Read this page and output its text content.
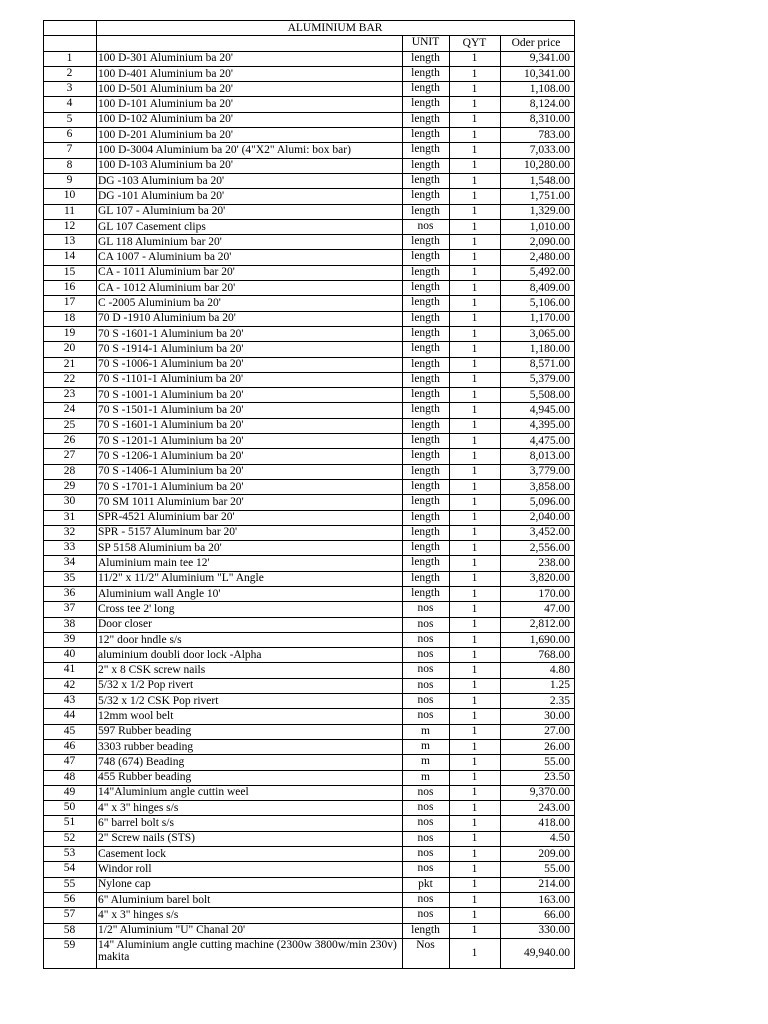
	ALUMINIUM BAR			
		UNIT	QYT	Oder price
1	100 D-301 Aluminium ba 20'	length	1	9,341.00
2	100 D-401 Aluminium ba 20'	length	1	10,341.00
3	100 D-501 Aluminium ba 20'	length	1	1,108.00
4	100 D-101 Aluminium ba 20'	length	1	8,124.00
5	100 D-102 Aluminium ba 20'	length	1	8,310.00
6	100 D-201 Aluminium ba 20'	length	1	783.00
7	100 D-3004 Aluminium ba 20' (4"X2" Alumi: box bar)	length	1	7,033.00
8	100 D-103 Aluminium ba 20'	length	1	10,280.00
9	DG -103 Aluminium ba 20'	length	1	1,548.00
10	DG -101 Aluminium ba 20'	length	1	1,751.00
11	GL 107 - Aluminium ba 20'	length	1	1,329.00
12	GL 107 Casement clips	nos	1	1,010.00
13	GL 118 Aluminium bar 20'	length	1	2,090.00
14	CA 1007 - Aluminium ba 20'	length	1	2,480.00
15	CA - 1011 Aluminium bar 20'	length	1	5,492.00
16	CA - 1012 Aluminium bar 20'	length	1	8,409.00
17	C -2005 Aluminium ba 20'	length	1	5,106.00
18	70 D -1910 Aluminium ba 20'	length	1	1,170.00
19	70 S -1601-1 Aluminium ba 20'	length	1	3,065.00
20	70 S -1914-1 Aluminium ba 20'	length	1	1,180.00
21	70 S -1006-1 Aluminium ba 20'	length	1	8,571.00
22	70 S -1101-1 Aluminium ba 20'	length	1	5,379.00
23	70 S -1001-1 Aluminium ba 20'	length	1	5,508.00
24	70 S -1501-1 Aluminium ba 20'	length	1	4,945.00
25	70 S -1601-1 Aluminium ba 20'	length	1	4,395.00
26	70 S -1201-1 Aluminium ba 20'	length	1	4,475.00
27	70 S -1206-1 Aluminium ba 20'	length	1	8,013.00
28	70 S -1406-1 Aluminium ba 20'	length	1	3,779.00
29	70 S -1701-1 Aluminium ba 20'	length	1	3,858.00
30	70 SM 1011 Aluminium bar 20'	length	1	5,096.00
31	SPR-4521 Aluminium bar 20'	length	1	2,040.00
32	SPR - 5157 Aluminum bar 20'	length	1	3,452.00
33	SP 5158 Aluminium ba 20'	length	1	2,556.00
34	Aluminium main tee 12'	length	1	238.00
35	11/2" x 11/2" Aluminium "L" Angle	length	1	3,820.00
36	Aluminium wall Angle 10'	length	1	170.00
37	Cross tee 2' long	nos	1	47.00
38	Door closer	nos	1	2,812.00
39	12" door hndle s/s	nos	1	1,690.00
40	aluminium doubli door lock -Alpha	nos	1	768.00
41	2" x 8 CSK screw nails	nos	1	4.80
42	5/32 x 1/2 Pop rivert	nos	1	1.25
43	5/32 x 1/2 CSK Pop rivert	nos	1	2.35
44	12mm wool belt	nos	1	30.00
45	597 Rubber beading	m	1	27.00
46	3303 rubber beading	m	1	26.00
47	748 (674) Beading	m	1	55.00
48	455 Rubber beading	m	1	23.50
49	14"Aluminium angle cuttin weel	nos	1	9,370.00
50	4" x 3" hinges s/s	nos	1	243.00
51	6" barrel bolt s/s	nos	1	418.00
52	2" Screw nails (STS)	nos	1	4.50
53	Casement lock	nos	1	209.00
54	Windor roll	nos	1	55.00
55	Nylone cap	pkt	1	214.00
56	6" Aluminium barel bolt	nos	1	163.00
57	4" x 3" hinges s/s	nos	1	66.00
58	1/2" Aluminium "U" Chanal 20'	length	1	330.00
59	14" Aluminium angle cutting machine (2300w 3800w/min 230v) makita	Nos	1	49,940.00
